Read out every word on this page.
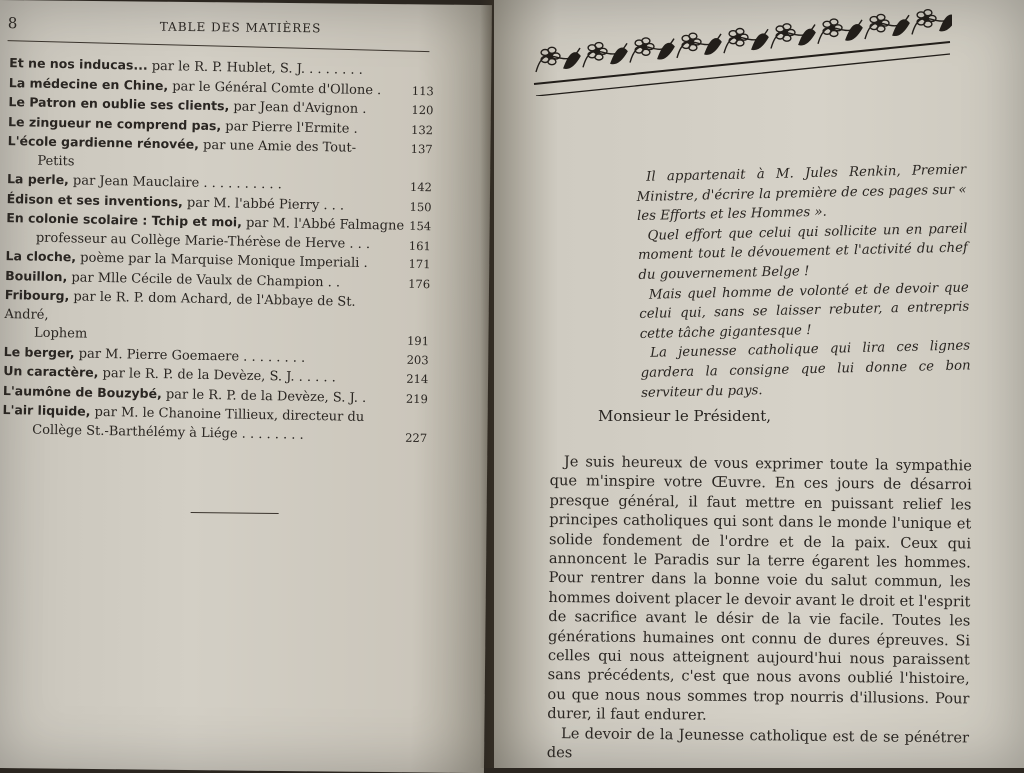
8	TABLE DES MATIÈRES
Et ne nos inducas... par le R. P. Hublet, S. J. . . . . . . .
La médecine en Chine, par le Général Comte d'Ollone .	113
Le Patron en oublie ses clients, par Jean d'Avignon .	120
Le zingueur ne comprend pas, par Pierre l'Ermite .	132
L'école gardienne rénovée, par une Amie des Tout-	137
Petits
La perle, par Jean Mauclaire . . . . . . . . . .	142
Édison et ses inventions, par M. l'abbé Pierry . . .	150
En colonie scolaire : Tchip et moi, par M. l'Abbé Falmagne 154
professeur au Collège Marie-Thérèse de Herve . . .	161
La cloche, poème par la Marquise Monique Imperiali .	171
Bouillon, par Mlle Cécile de Vaulx de Champion . .	176
Fribourg, par le R. P. dom Achard, de l'Abbaye de St. André,
Lophem	191
Le berger, par M. Pierre Goemaere . . . . . . . .	203
Un caractère, par le R. P. de la Devèze, S. J. . . . . .	214
L'aumône de Bouzybé, par le R. P. de la Devèze, S. J. .	219
L'air liquide, par M. le Chanoine Tillieux, directeur du
Collège St.-Barthélémy à Liége . . . . . . . .	227

Il appartenait à M. Jules Renkin, Premier Ministre, d'écrire la première de ces pages sur « les Efforts et les Hommes ».

Quel effort que celui qui sollicite un en pareil moment tout le dévouement et l'activité du chef du gouvernement Belge !

Mais quel homme de volonté et de devoir que celui qui, sans se laisser rebuter, a entrepris cette tâche gigantesque !

La jeunesse catholique qui lira ces lignes gardera la consigne que lui donne ce bon serviteur du pays.

Monsieur le Président,

Je suis heureux de vous exprimer toute la sympathie que m'inspire votre Œuvre. En ces jours de désarroi presque général, il faut mettre en puissant relief les principes catholiques qui sont dans le monde l'unique et solide fondement de l'ordre et de la paix. Ceux qui annoncent le Paradis sur la terre égarent les hommes. Pour rentrer dans la bonne voie du salut commun, les hommes doivent placer le devoir avant le droit et l'esprit de sacrifice avant le désir de la vie facile. Toutes les générations humaines ont connu de dures épreuves. Si celles qui nous atteignent aujourd'hui nous paraissent sans précédents, c'est que nous avons oublié l'histoire, ou que nous nous sommes trop nourris d'illusions. Pour durer, il faut endurer.

Le devoir de la Jeunesse catholique est de se pénétrer des
